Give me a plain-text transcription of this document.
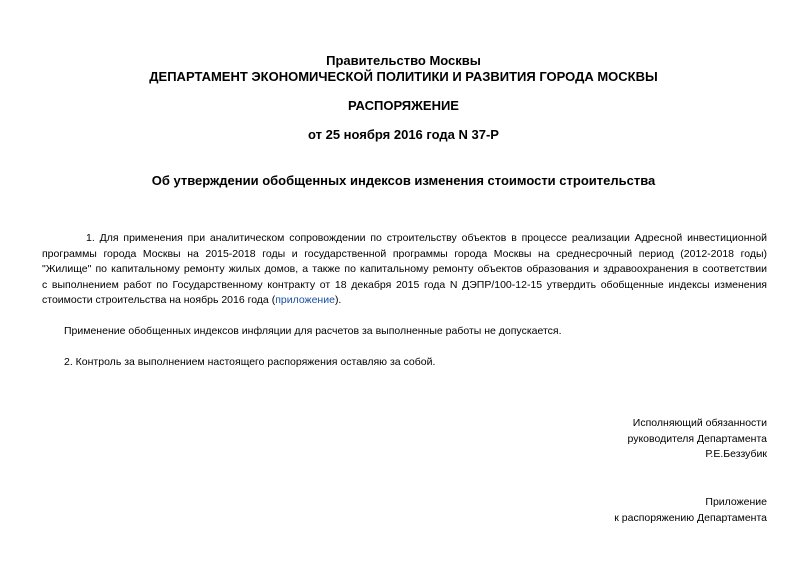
Правительство Москвы
ДЕПАРТАМЕНТ ЭКОНОМИЧЕСКОЙ ПОЛИТИКИ И РАЗВИТИЯ ГОРОДА МОСКВЫ
РАСПОРЯЖЕНИЕ
от 25 ноября 2016 года N 37-Р
Об утверждении обобщенных индексов изменения стоимости строительства
1. Для применения при аналитическом сопровождении по строительству объектов в процессе реализации Адресной инвестиционной
программы города Москвы на 2015-2018 годы и государственной программы города Москвы на среднесрочный период (2012-2018 годы)
"Жилище" по капитальному ремонту жилых домов, а также по капитальному ремонту объектов образования и здравоохранения в соответствии
с выполнением работ по Государственному контракту от 18 декабря 2015 года N ДЭПР/100-12-15 утвердить обобщенные индексы изменения
стоимости строительства на ноябрь 2016 года (приложение).
Применение обобщенных индексов инфляции для расчетов за выполненные работы не допускается.
2. Контроль за выполнением настоящего распоряжения оставляю за собой.
Исполняющий обязанности
руководителя Департамента
Р.Е.Беззубик
Приложение
к распоряжению Департамента
